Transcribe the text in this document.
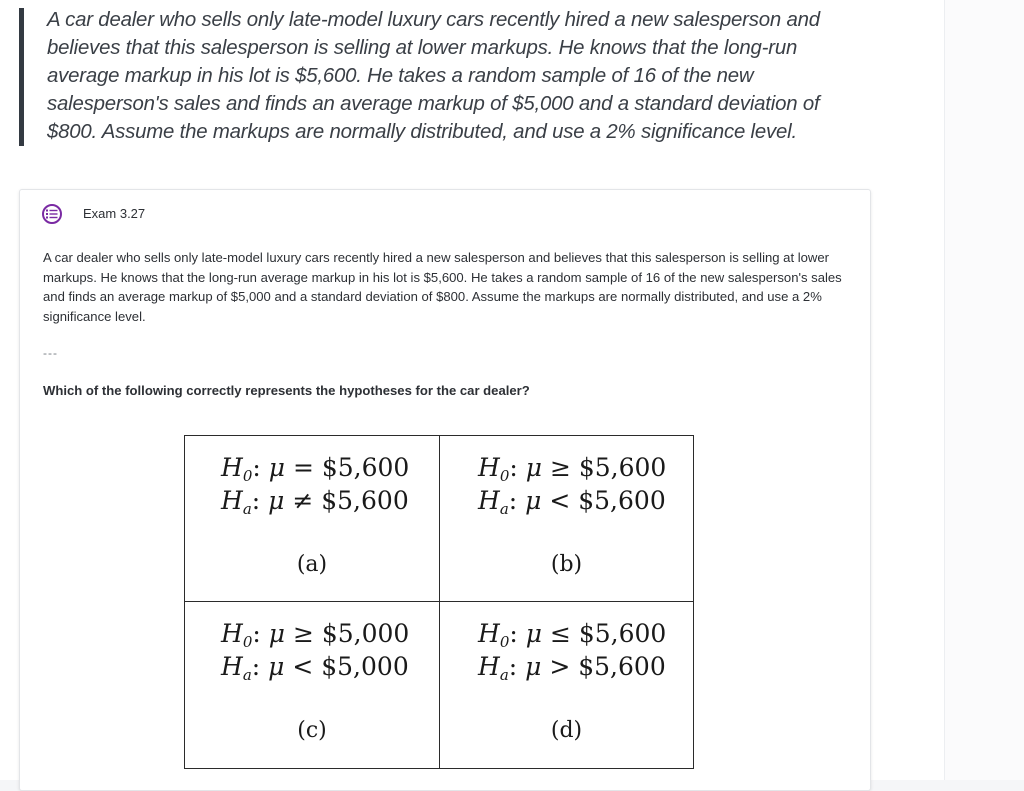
A car dealer who sells only late-model luxury cars recently hired a new salesperson and believes that this salesperson is selling at lower markups. He knows that the long-run average markup in his lot is $5,600. He takes a random sample of 16 of the new salesperson's sales and finds an average markup of $5,000 and a standard deviation of $800. Assume the markups are normally distributed, and use a 2% significance level.

Exam 3.27

A car dealer who sells only late-model luxury cars recently hired a new salesperson and believes that this salesperson is selling at lower markups. He knows that the long-run average markup in his lot is $5,600. He takes a random sample of 16 of the new salesperson's sales and finds an average markup of $5,000 and a standard deviation of $800. Assume the markups are normally distributed, and use a 2% significance level.

---
Which of the following correctly represents the hypotheses for the car dealer?
$H_0$: μ = $5,600
$H_a$: μ ≠ $5,600
(a)
$H_0$: μ ≥ $5,600
$H_a$: μ < $5,600
(b)
$H_0$: μ ≥ $5,000
$H_a$: μ < $5,000
(c)
$H_0$: μ ≤ $5,600
$H_a$: μ > $5,600
(d)
